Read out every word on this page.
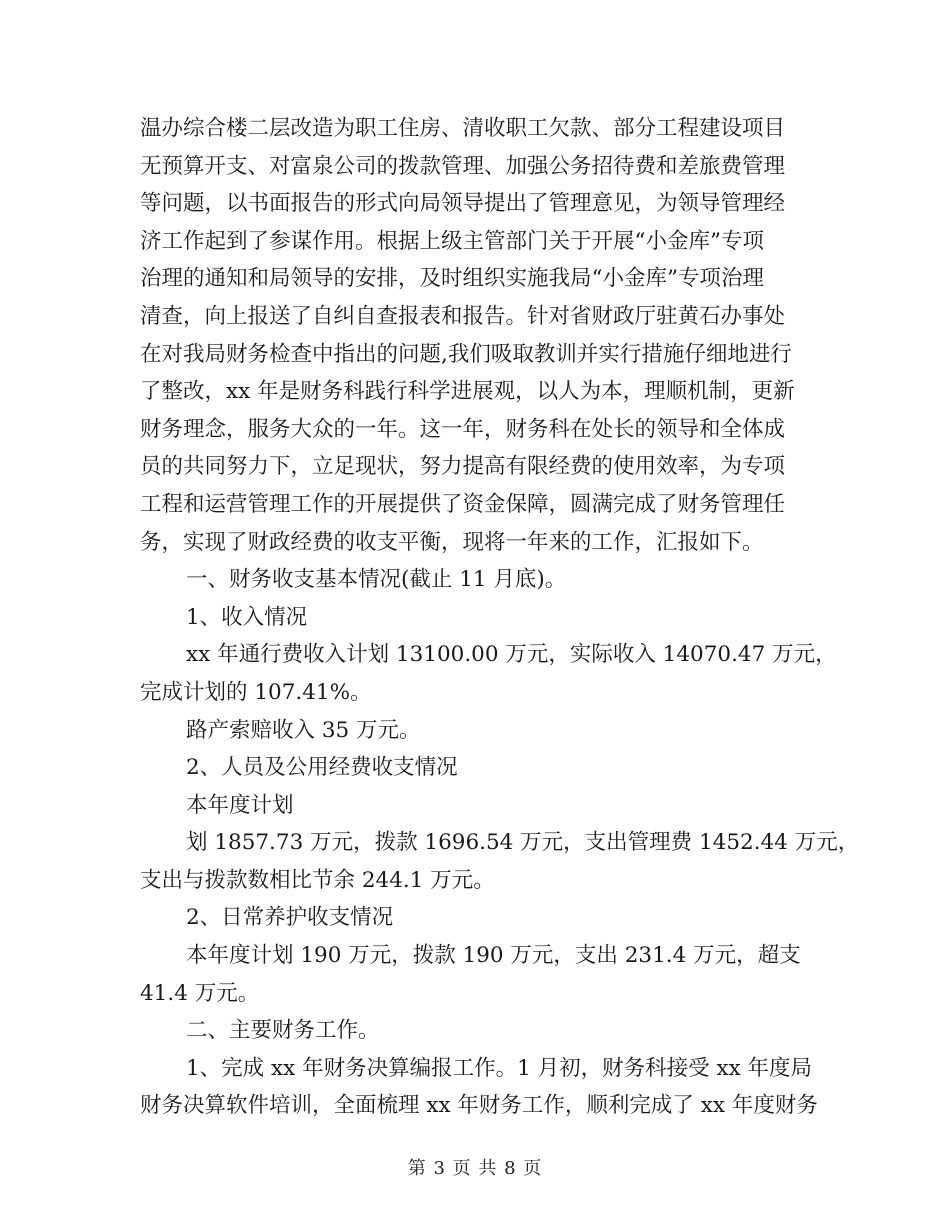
温办综合楼二层改造为职工住房、清收职工欠款、部分工程建设项目
无预算开支、对富泉公司的拨款管理、加强公务招待费和差旅费管理
等问题，以书面报告的形式向局领导提出了管理意见，为领导管理经
济工作起到了参谋作用。根据上级主管部门关于开展“小金库”专项
治理的通知和局领导的安排，及时组织实施我局“小金库”专项治理
清查，向上报送了自纠自查报表和报告。针对省财政厅驻黄石办事处
在对我局财务检查中指出的问题,我们吸取教训并实行措施仔细地进行
了整改，xx 年是财务科践行科学进展观，以人为本，理顺机制，更新
财务理念，服务大众的一年。这一年，财务科在处长的领导和全体成
员的共同努力下，立足现状，努力提高有限经费的使用效率，为专项
工程和运营管理工作的开展提供了资金保障，圆满完成了财务管理任
务，实现了财政经费的收支平衡，现将一年来的工作，汇报如下。
一、财务收支基本情况(截止 11 月底)。
1、收入情况
xx 年通行费收入计划 13100.00 万元，实际收入 14070.47 万元，
完成计划的 107.41%。
路产索赔收入 35 万元。
2、人员及公用经费收支情况
本年度计划
划 1857.73 万元，拨款 1696.54 万元，支出管理费 1452.44 万元，
支出与拨款数相比节余 244.1 万元。
2、日常养护收支情况
本年度计划 190 万元，拨款 190 万元，支出 231.4 万元，超支
41.4 万元。
二、主要财务工作。
1、完成 xx 年财务决算编报工作。1 月初，财务科接受 xx 年度局
财务决算软件培训，全面梳理 xx 年财务工作，顺利完成了 xx 年度财务
第 3 页 共 8 页
